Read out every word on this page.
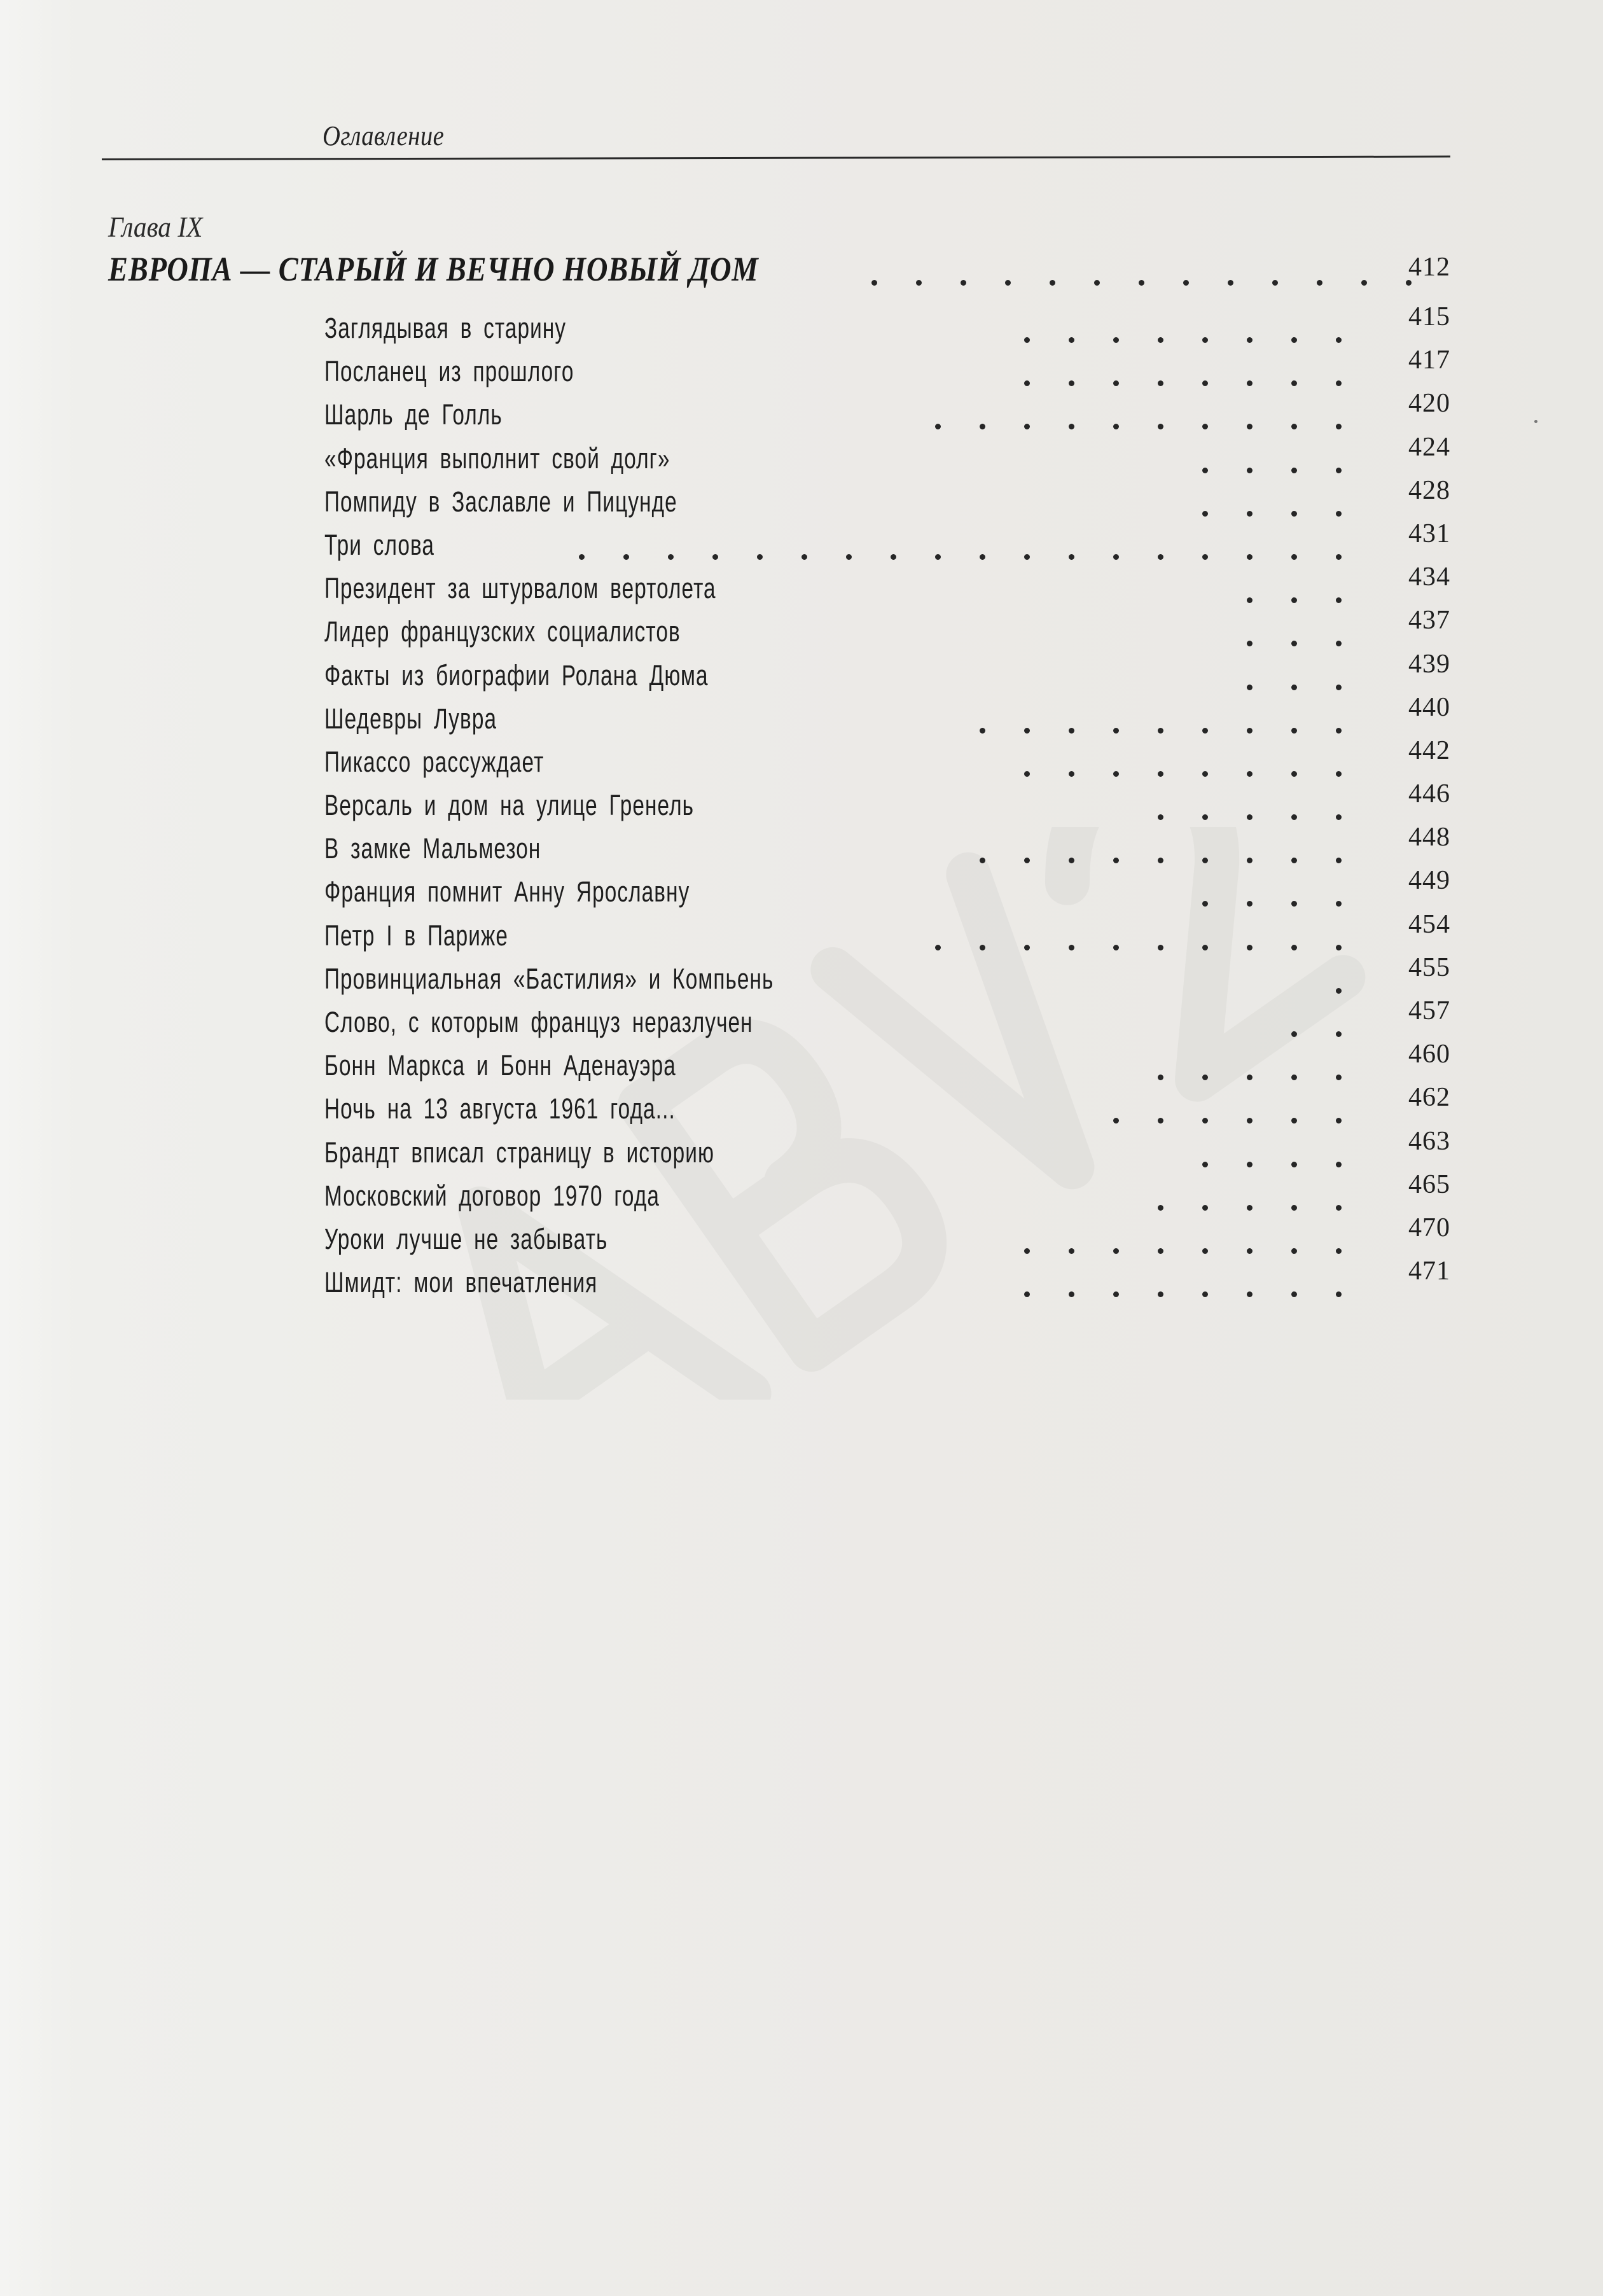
Оглавление
Глава IX
ЕВРОПА — СТАРЫЙ И ВЕЧНО НОВЫЙ ДОМ	412
Заглядывая в старину	415
Посланец из прошлого	417
Шарль де Голль	420
«Франция выполнит свой долг»	424
Помпиду в Заславле и Пицунде	428
Три слова	431
Президент за штурвалом вертолета	434
Лидер французских социалистов	437
Факты из биографии Ролана Дюма	439
Шедевры Лувра	440
Пикассо рассуждает	442
Версаль и дом на улице Гренель	446
В замке Мальмезон	448
Франция помнит Анну Ярославну	449
Петр I в Париже	454
Провинциальная «Бастилия» и Компьень	455
Слово, с которым француз неразлучен	457
Бонн Маркса и Бонн Аденауэра	460
Ночь на 13 августа 1961 года...	462
Брандт вписал страницу в историю	463
Московский договор 1970 года	465
Уроки лучше не забывать	470
Шмидт: мои впечатления	471
